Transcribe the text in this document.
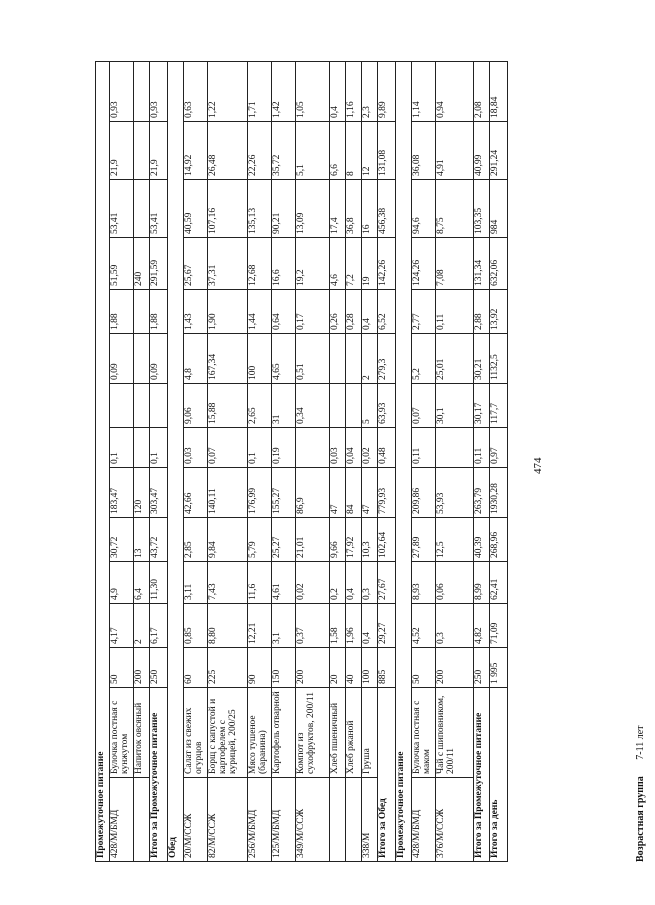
Промежуточное питание														
428/М/БМД	Булочка постная с кунжутом	50	4,17	4,9	30,72	183,47	0,1		0,09	1,88	51,59	53,41	21,9	0,93
	Напиток овсяный	200	2	6,4	13	120					240			
Итого за Промежуточное питание		250	6,17	11,30	43,72	303,47	0,1		0,09	1,88	291,59	53,41	21,9	0,93
Обед														
20/М/ССЖ	Салат из свежих огурцов	60	0,85	3,11	2,85	42,66	0,03	9,06	4,8	1,43	25,67	40,59	14,92	0,63
82/М/ССЖ	Борщ с капустой и картофелем с курицей, 200/25	225	8,80	7,43	9,84	140,11	0,07	15,88	167,34	1,90	37,31	107,16	26,48	1,22
256/М/БМД	Мясо тушеное (баранина)	90	12,21	11,6	5,79	176,99	0,1	2,65	100	1,44	12,68	135,13	22,26	1,71
125/М/БМД	Картофель отварной	150	3,1	4,61	25,27	155,27	0,19	31	4,65	0,64	16,6	90,21	35,72	1,42
349/М/ССЖ	Компот из сухофруктов, 200/11	200	0,37	0,02	21,01	86,9		0,34	0,51	0,17	19,2	13,09	5,1	1,05
	Хлеб пшеничный	20	1,58	0,2	9,66	47	0,03			0,26	4,6	17,4	6,6	0,4
	Хлеб ржаной	40	1,96	0,4	17,92	84	0,04			0,28	7,2	36,8	8	1,16
338/М	Груша	100	0,4	0,3	10,3	47	0,02	5	2	0,4	19	16	12	2,3
Итого за Обед		885	29,27	27,67	102,64	779,93	0,48	63,93	279,3	6,52	142,26	456,38	131,08	9,89
Промежуточное питание														
428/М/БМД	Булочка постная с маком	50	4,52	8,93	27,89	209,86	0,11	0,07	5,2	2,77	124,26	94,6	36,08	1,14
376/М/ССЖ	Чай с шиповником, 200/11	200	0,3	0,06	12,5	53,93		30,1	25,01	0,11	7,08	8,75	4,91	0,94
Итого за Промежуточное питание		250	4,82	8,99	40,39	263,79	0,11	30,17	30,21	2,88	131,34	103,35	40,99	2,08
Итого за день		1 995	71,09	62,41	268,96	1930,28	0,97	117,7	1132,5	13,92	632,06	984	291,24	18,84
Возрастная группа 7-11 лет
474
